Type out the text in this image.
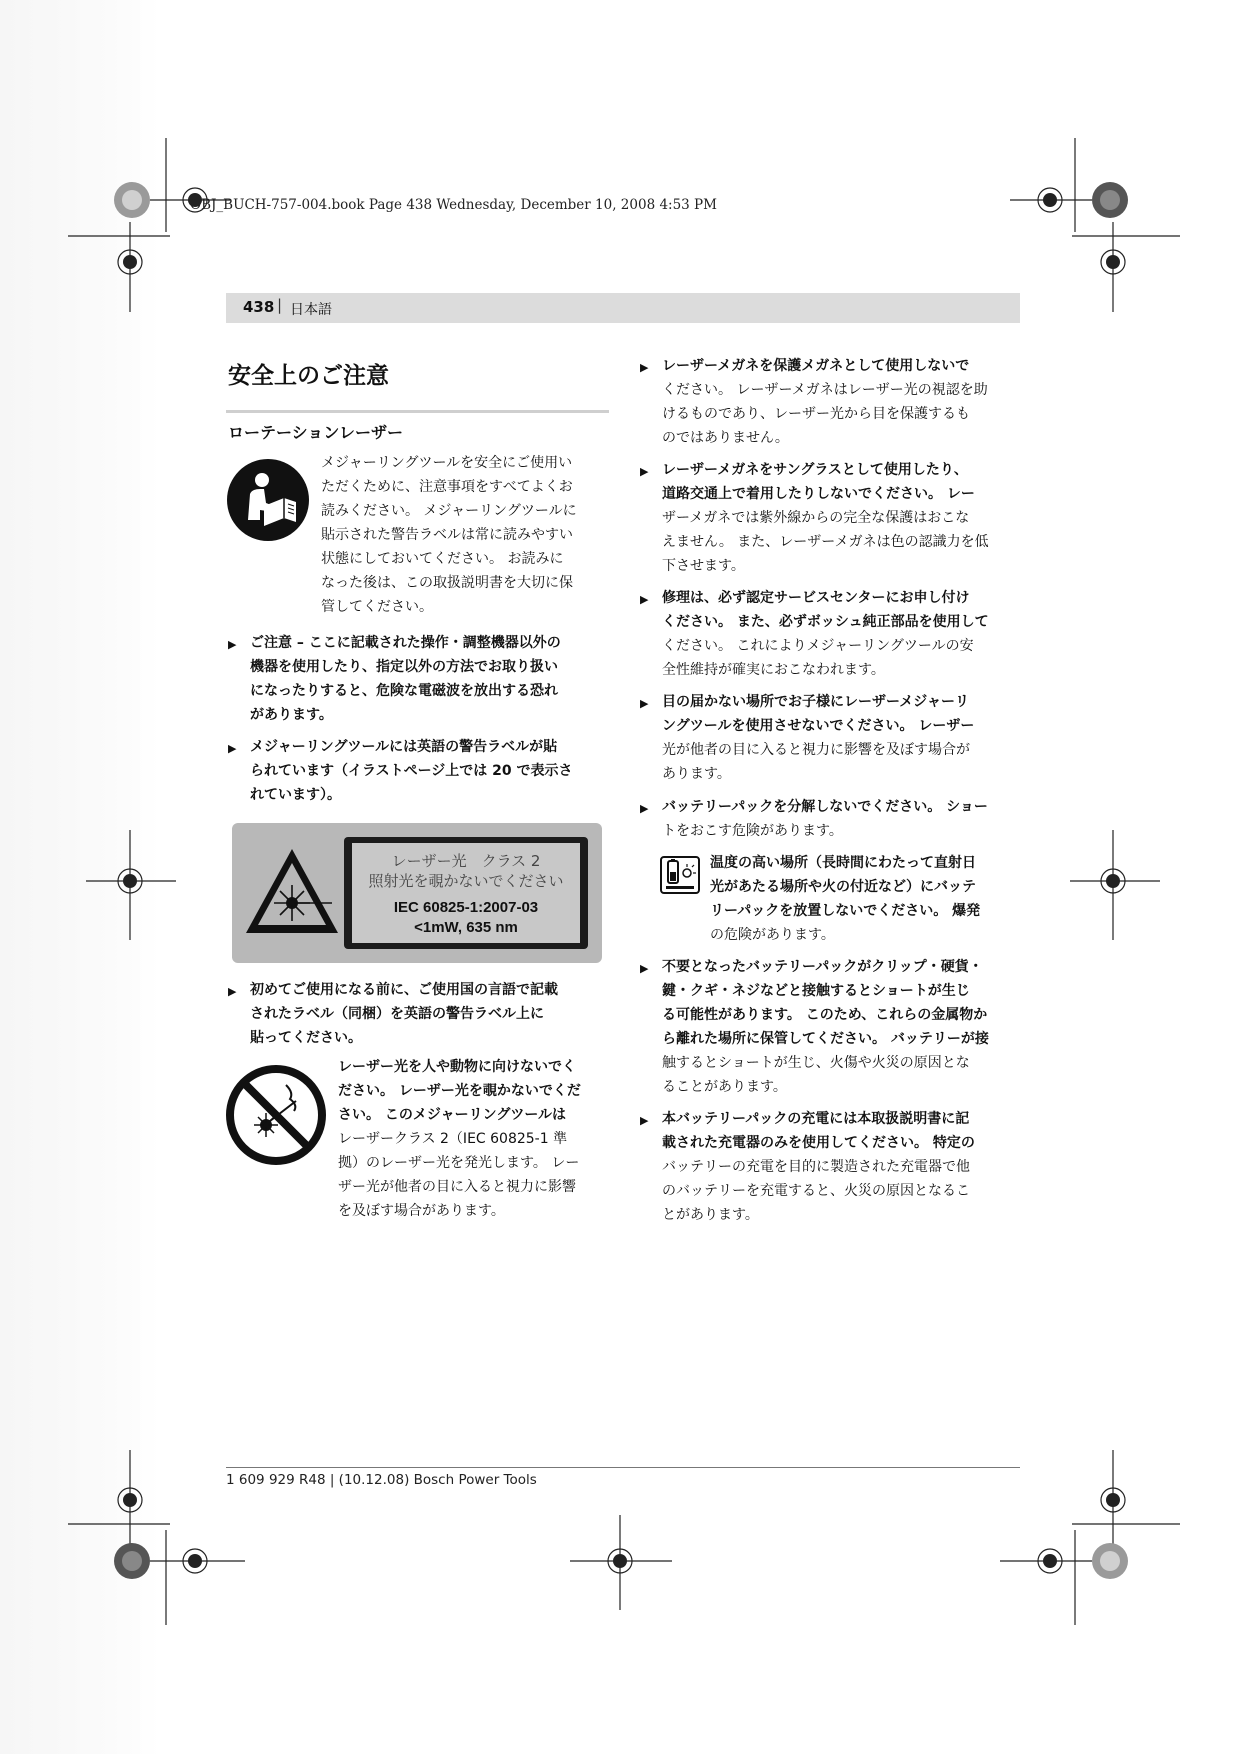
OBJ_BUCH-757-004.book Page 438 Wednesday, December 10, 2008 4:53 PM
438 | 日本語
安全上のご注意
ローテーションレーザー
メジャーリングツールを安全にご使用い
ただくために、注意事項をすべてよくお
読みください。 メジャーリングツールに
貼示された警告ラベルは常に読みやすい
状態にしておいてください。 お読みに
なった後は、この取扱説明書を大切に保
管してください。
▶ ご注意 – ここに記載された操作・調整機器以外の
機器を使用したり、指定以外の方法でお取り扱い
になったりすると、危険な電磁波を放出する恐れ
があります。
▶ メジャーリングツールには英語の警告ラベルが貼
られています（イラストページ上では 20 で表示さ
れています）。
レーザー光　クラス 2
照射光を覗かないでください
IEC 60825-1:2007-03
<1mW, 635 nm
▶ 初めてご使用になる前に、ご使用国の言語で記載
されたラベル（同梱）を英語の警告ラベル上に
貼ってください。
レーザー光を人や動物に向けないでく
ださい。 レーザー光を覗かないでくだ
さい。 このメジャーリングツールは
レーザークラス 2（IEC 60825-1 準
拠）のレーザー光を発光します。 レー
ザー光が他者の目に入ると視力に影響
を及ぼす場合があります。
▶ レーザーメガネを保護メガネとして使用しないで
ください。 レーザーメガネはレーザー光の視認を助
けるものであり、レーザー光から目を保護するも
のではありません。
▶ レーザーメガネをサングラスとして使用したり、
道路交通上で着用したりしないでください。 レー
ザーメガネでは紫外線からの完全な保護はおこな
えません。 また、レーザーメガネは色の認識力を低
下させます。
▶ 修理は、必ず認定サービスセンターにお申し付け
ください。 また、必ずボッシュ純正部品を使用して
ください。 これによりメジャーリングツールの安
全性維持が確実におこなわれます。
▶ 目の届かない場所でお子様にレーザーメジャーリ
ングツールを使用させないでください。 レーザー
光が他者の目に入ると視力に影響を及ぼす場合が
あります。
▶ バッテリーパックを分解しないでください。 ショー
トをおこす危険があります。
温度の高い場所（長時間にわたって直射日
光があたる場所や火の付近など）にバッテ
リーパックを放置しないでください。 爆発
の危険があります。
▶ 不要となったバッテリーパックがクリップ・硬貨・
鍵・クギ・ネジなどと接触するとショートが生じ
る可能性があります。 このため、これらの金属物か
ら離れた場所に保管してください。 バッテリーが接
触するとショートが生じ、火傷や火災の原因とな
ることがあります。
▶ 本バッテリーパックの充電には本取扱説明書に記
載された充電器のみを使用してください。 特定の
バッテリーの充電を目的に製造された充電器で他
のバッテリーを充電すると、火災の原因となるこ
とがあります。
1 609 929 R48 | (10.12.08) Bosch Power Tools
